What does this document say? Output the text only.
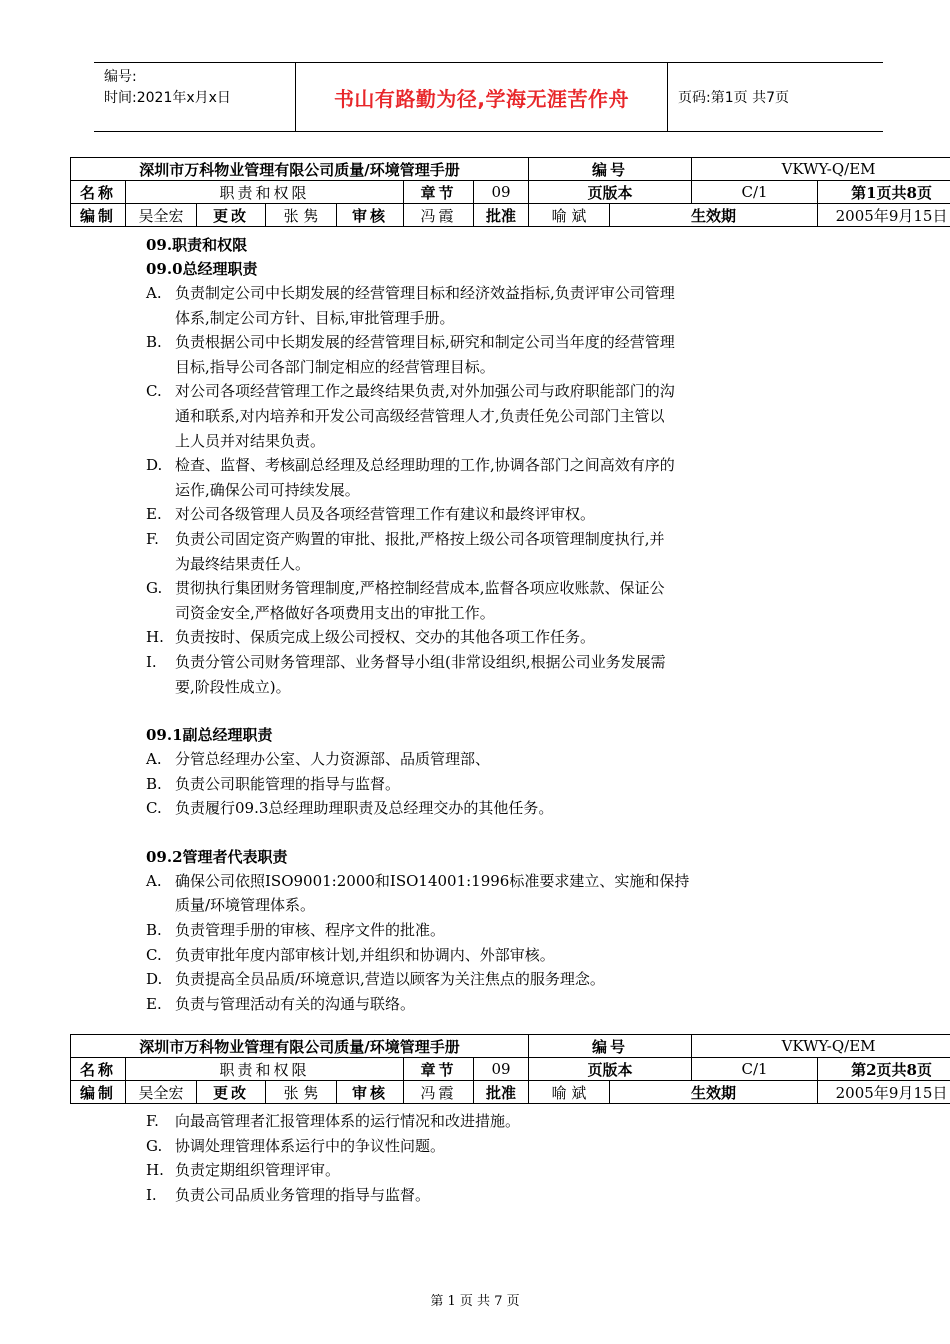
编号:
时间:2021年x月x日	书山有路勤为径,学海无涯苦作舟	页码:第1页 共7页
深圳市万科物业管理有限公司质量/环境管理手册							编号		VKWY-Q/EM	
名称	职责和权限				章节	09	页版本		C/1	第1页共8页
编制	吴全宏	更改	张 隽	审核	冯霞	批准	喻 斌	生效期		2005年9月15日
09.职责和权限
09.0总经理职责
A. 负责制定公司中长期发展的经营管理目标和经济效益指标,负责评审公司管理
体系,制定公司方针、目标,审批管理手册。
B. 负责根据公司中长期发展的经营管理目标,研究和制定公司当年度的经营管理
目标,指导公司各部门制定相应的经营管理目标。
C. 对公司各项经营管理工作之最终结果负责,对外加强公司与政府职能部门的沟
通和联系,对内培养和开发公司高级经营管理人才,负责任免公司部门主管以
上人员并对结果负责。
D. 检查、监督、考核副总经理及总经理助理的工作,协调各部门之间高效有序的
运作,确保公司可持续发展。
E. 对公司各级管理人员及各项经营管理工作有建议和最终评审权。
F. 负责公司固定资产购置的审批、报批,严格按上级公司各项管理制度执行,并
为最终结果责任人。
G. 贯彻执行集团财务管理制度,严格控制经营成本,监督各项应收账款、保证公
司资金安全,严格做好各项费用支出的审批工作。
H. 负责按时、保质完成上级公司授权、交办的其他各项工作任务。
I. 负责分管公司财务管理部、业务督导小组(非常设组织,根据公司业务发展需
要,阶段性成立)。
09.1副总经理职责
A. 分管总经理办公室、人力资源部、品质管理部、
B. 负责公司职能管理的指导与监督。
C. 负责履行09.3总经理助理职责及总经理交办的其他任务。
09.2管理者代表职责
A. 确保公司依照ISO9001:2000和ISO14001:1996标准要求建立、实施和保持
质量/环境管理体系。
B. 负责管理手册的审核、程序文件的批准。
C. 负责审批年度内部审核计划,并组织和协调内、外部审核。
D. 负责提高全员品质/环境意识,营造以顾客为关注焦点的服务理念。
E. 负责与管理活动有关的沟通与联络。
深圳市万科物业管理有限公司质量/环境管理手册							编号		VKWY-Q/EM	
名称	职责和权限				章节	09	页版本		C/1	第2页共8页
编制	吴全宏	更改	张 隽	审核	冯霞	批准	喻 斌	生效期		2005年9月15日
F. 向最高管理者汇报管理体系的运行情况和改进措施。
G. 协调处理管理体系运行中的争议性问题。
H. 负责定期组织管理评审。
I. 负责公司品质业务管理的指导与监督。
第 1 页 共 7 页
